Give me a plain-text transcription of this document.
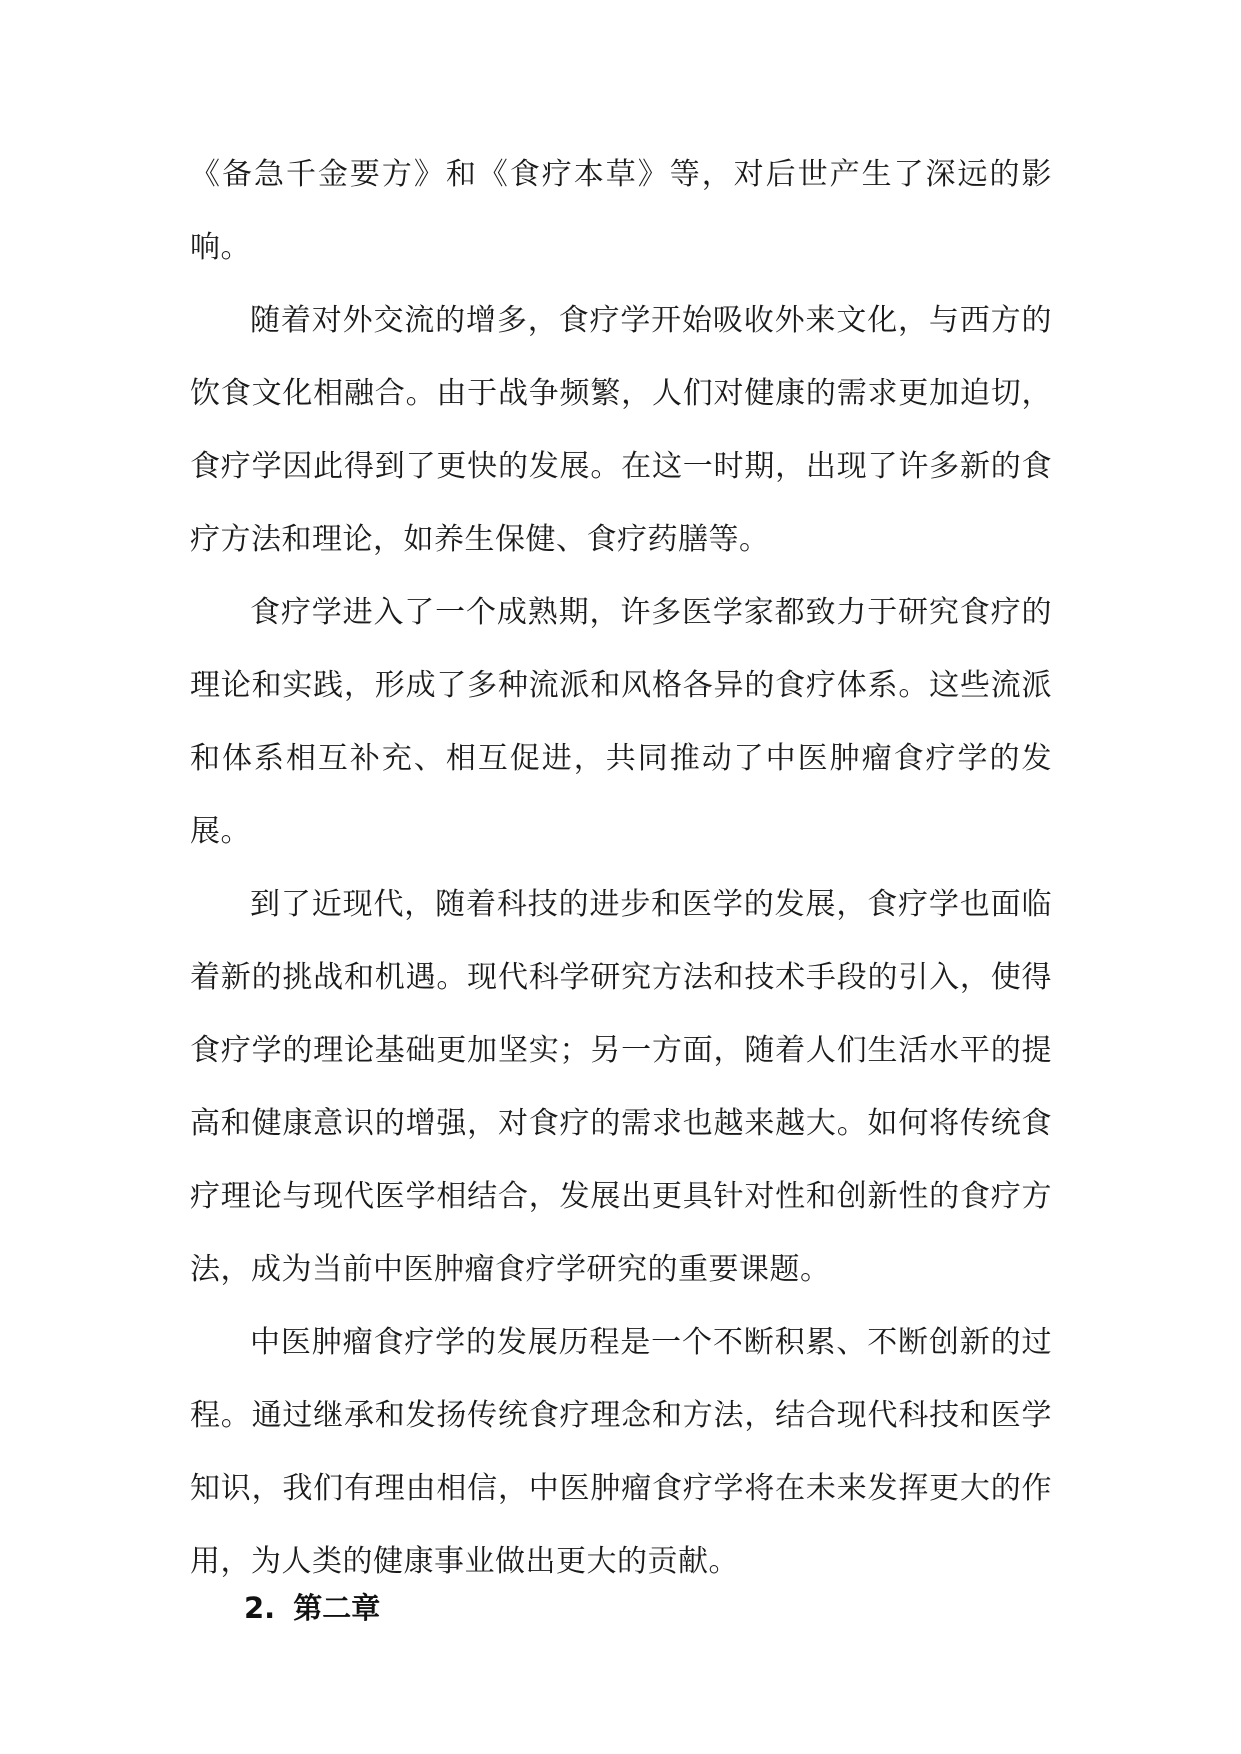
《备急千金要方》和《食疗本草》等，对后世产生了深远的影响。

随着对外交流的增多，食疗学开始吸收外来文化，与西方的饮食文化相融合。由于战争频繁，人们对健康的需求更加迫切，食疗学因此得到了更快的发展。在这一时期，出现了许多新的食疗方法和理论，如养生保健、食疗药膳等。

食疗学进入了一个成熟期，许多医学家都致力于研究食疗的理论和实践，形成了多种流派和风格各异的食疗体系。这些流派和体系相互补充、相互促进，共同推动了中医肿瘤食疗学的发展。

到了近现代，随着科技的进步和医学的发展，食疗学也面临着新的挑战和机遇。现代科学研究方法和技术手段的引入，使得食疗学的理论基础更加坚实；另一方面，随着人们生活水平的提高和健康意识的增强，对食疗的需求也越来越大。如何将传统食疗理论与现代医学相结合，发展出更具针对性和创新性的食疗方法，成为当前中医肿瘤食疗学研究的重要课题。

中医肿瘤食疗学的发展历程是一个不断积累、不断创新的过程。通过继承和发扬传统食疗理念和方法，结合现代科技和医学知识，我们有理由相信，中医肿瘤食疗学将在未来发挥更大的作用，为人类的健康事业做出更大的贡献。

2. 第二章
